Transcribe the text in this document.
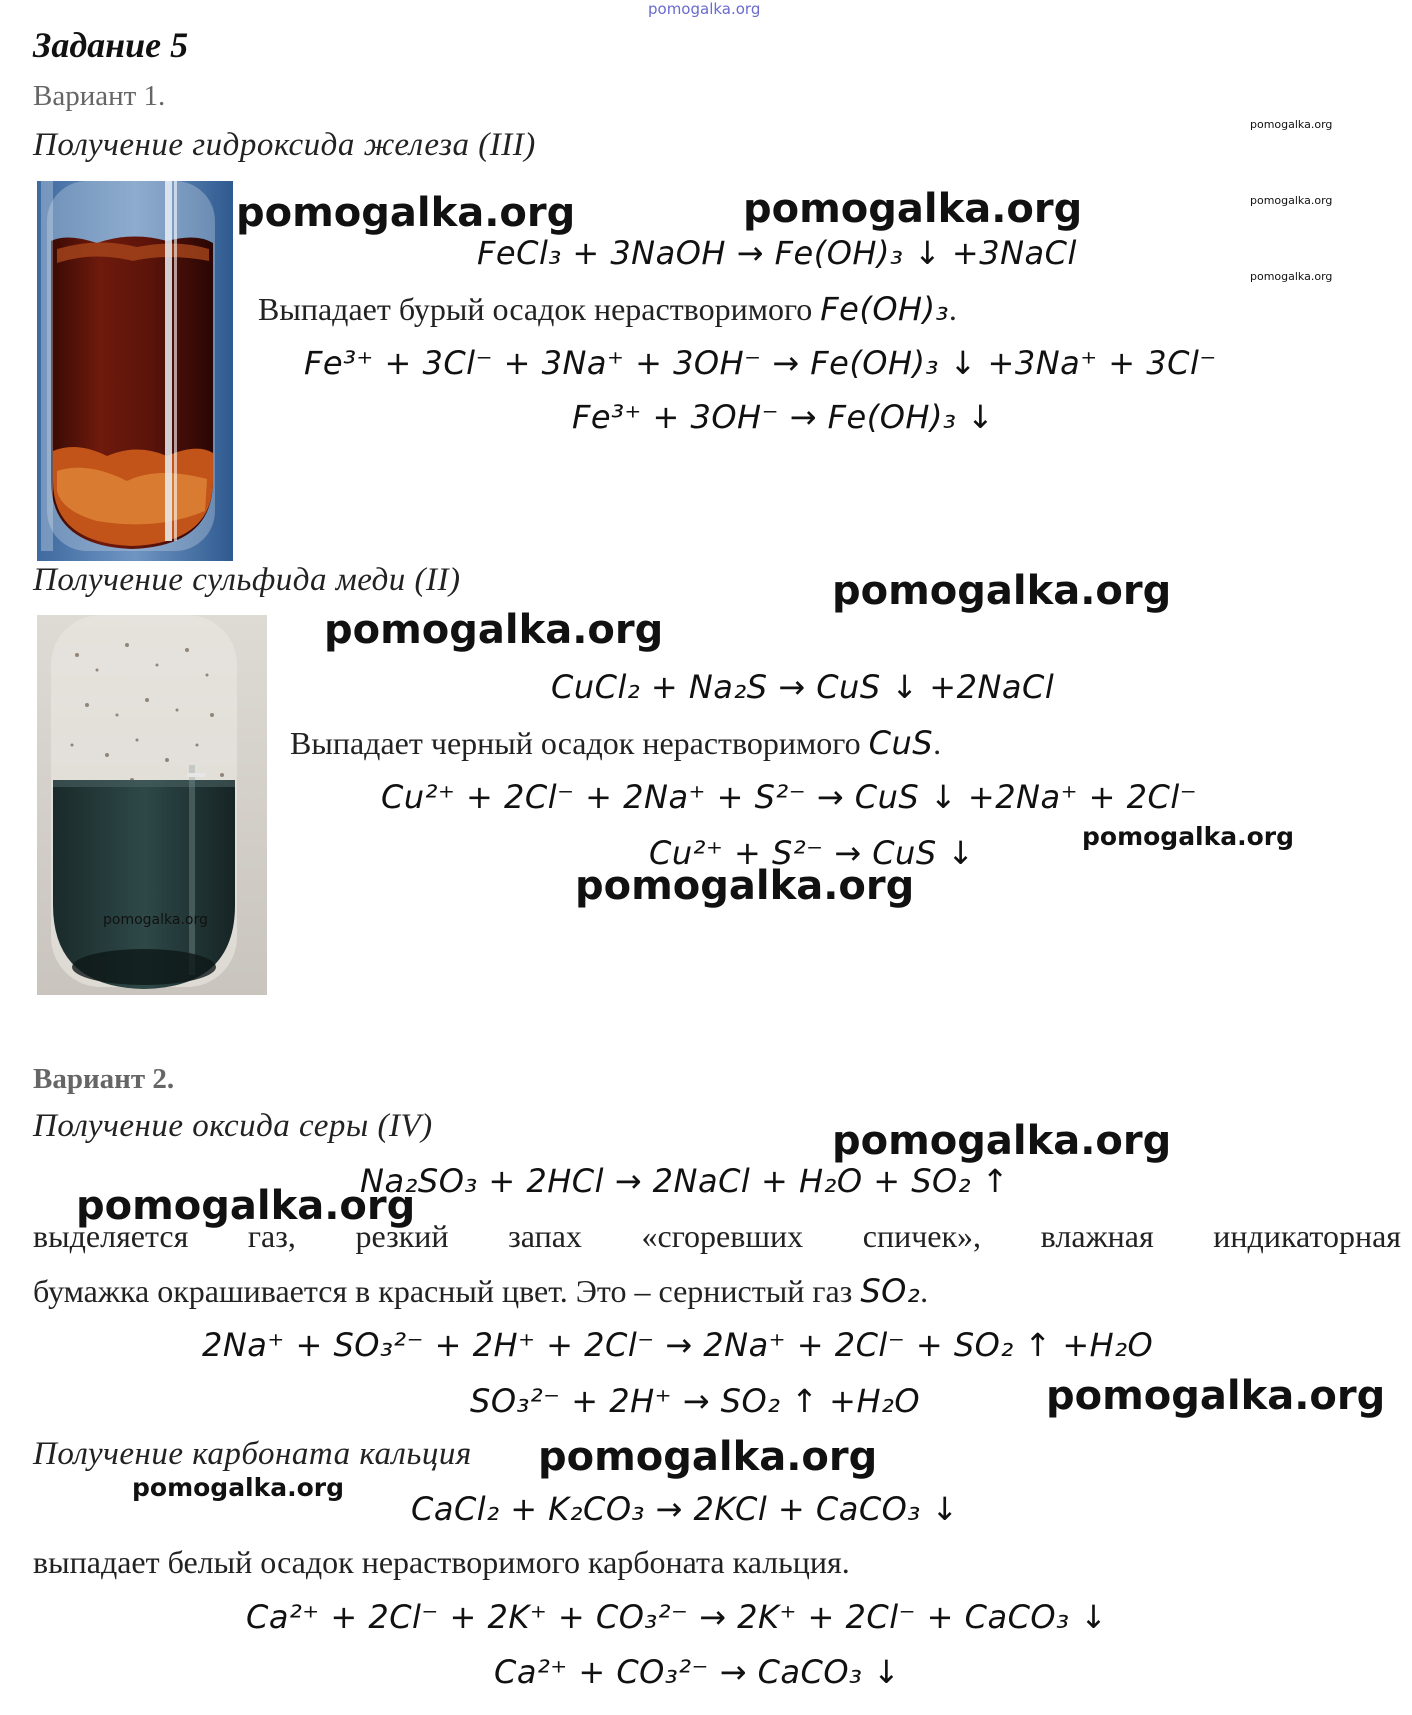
pomogalka.org
Задание 5
Вариант 1.
Получение гидроксида железа (III)
pomogalka.org
pomogalka.org
pomogalka.org
pomogalka.org	pomogalka.org
FeCl₃ + 3NaOH → Fe(OH)₃ ↓ +3NaCl
Выпадает бурый осадок нерастворимого Fe(OH)₃.
Fe³⁺ + 3Cl⁻ + 3Na⁺ + 3OH⁻ → Fe(OH)₃ ↓ +3Na⁺ + 3Cl⁻
Fe³⁺ + 3OH⁻ → Fe(OH)₃ ↓
Получение сульфида меди (II)
pomogalka.org
pomogalka.org
pomogalka.org
CuCl₂ + Na₂S → CuS ↓ +2NaCl
Выпадает черный осадок нерастворимого CuS.
Cu²⁺ + 2Cl⁻ + 2Na⁺ + S²⁻ → CuS ↓ +2Na⁺ + 2Cl⁻
Cu²⁺ + S²⁻ → CuS ↓	pomogalka.org
pomogalka.org
Вариант 2.
Получение оксида серы (IV)	pomogalka.org
Na₂SO₃ + 2HCl → 2NaCl + H₂O + SO₂ ↑
pomogalka.org
выделяется газ, резкий запах «сгоревших спичек», влажная индикаторная
бумажка окрашивается в красный цвет. Это – сернистый газ SO₂.
2Na⁺ + SO₃²⁻ + 2H⁺ + 2Cl⁻ → 2Na⁺ + 2Cl⁻ + SO₂ ↑ +H₂O
SO₃²⁻ + 2H⁺ → SO₂ ↑ +H₂O	pomogalka.org
Получение карбоната кальция pomogalka.org
pomogalka.org
CaCl₂ + K₂CO₃ → 2KCl + CaCO₃ ↓
выпадает белый осадок нерастворимого карбоната кальция.
Ca²⁺ + 2Cl⁻ + 2K⁺ + CO₃²⁻ → 2K⁺ + 2Cl⁻ + CaCO₃ ↓
Ca²⁺ + CO₃²⁻ → CaCO₃ ↓
